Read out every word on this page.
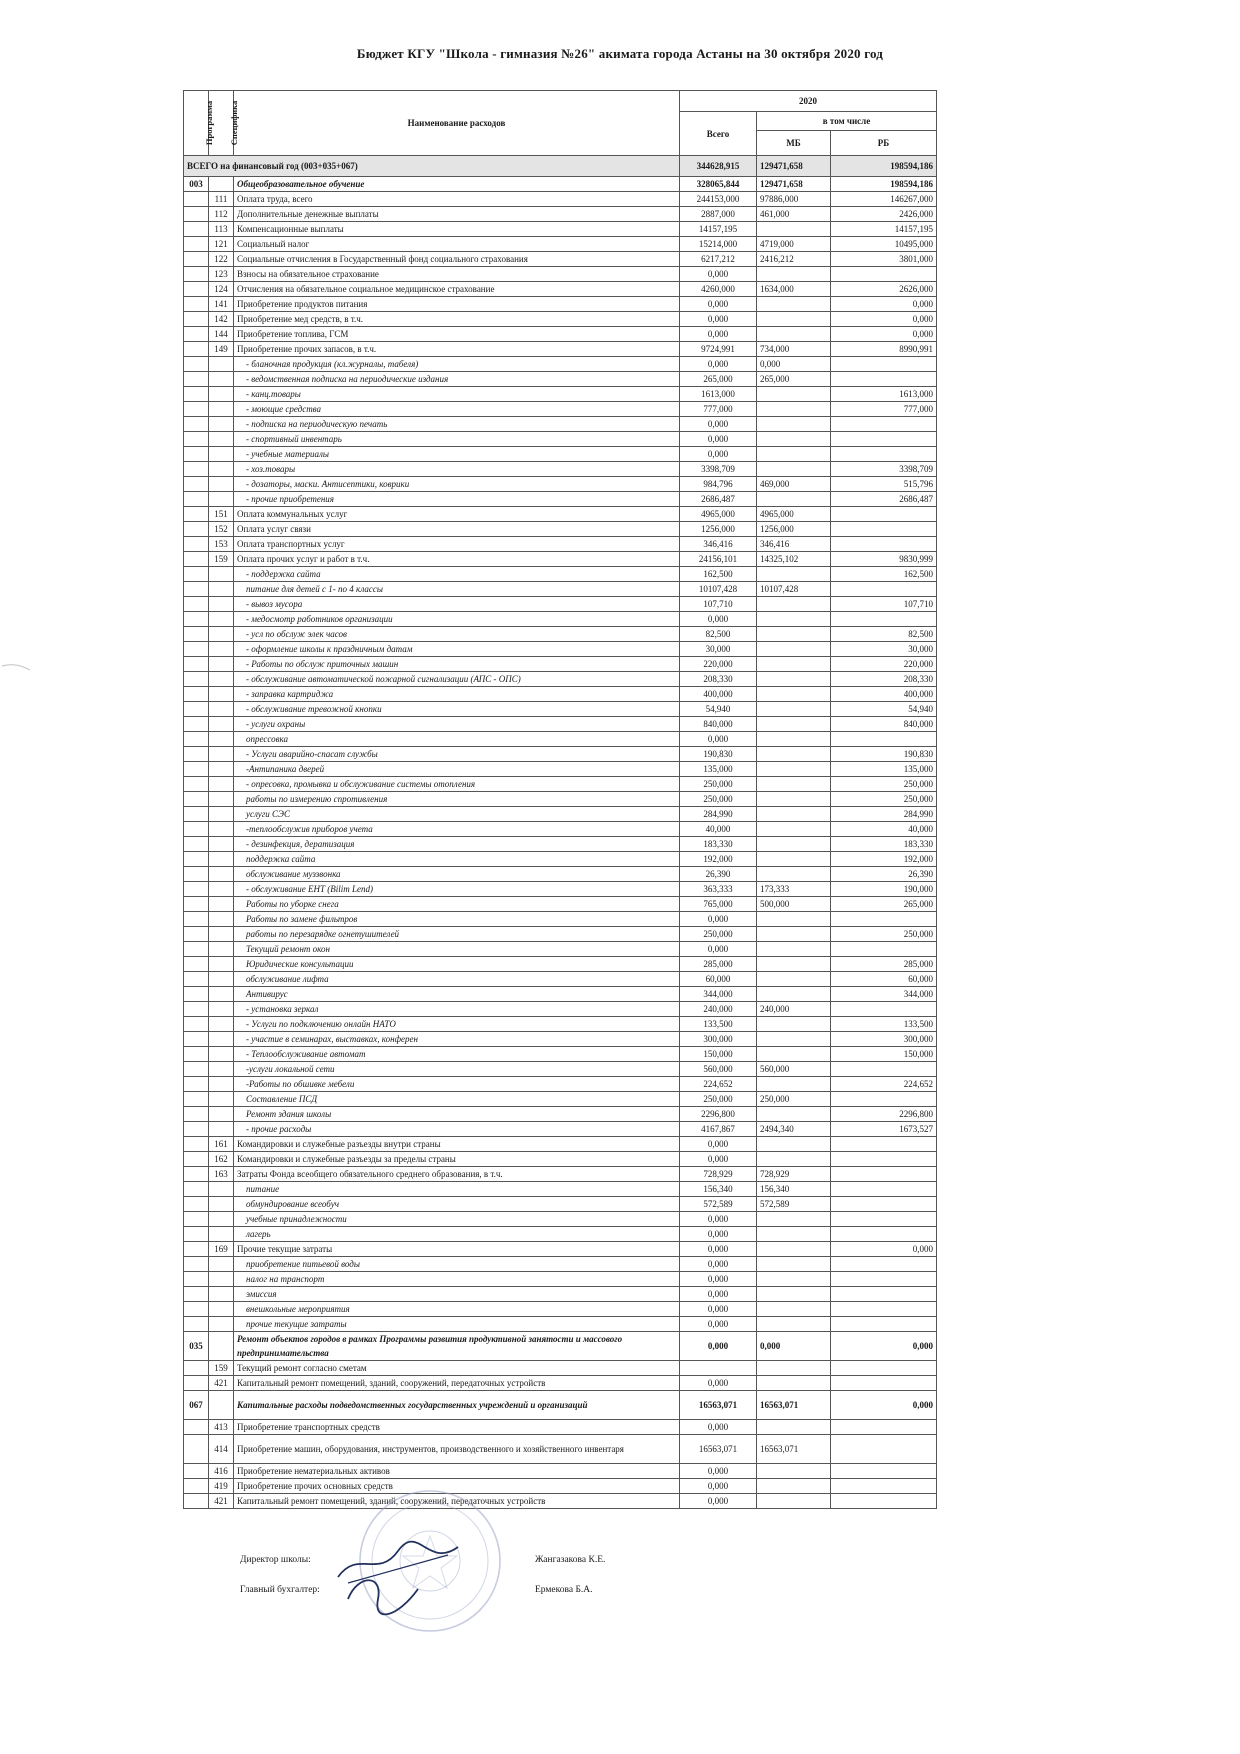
Бюджет КГУ "Школа - гимназия №26" акимата города Астаны на 30 октября 2020 год
Программа	Специфика	Наименование расходов	2020		
			Всего	в том числе	
				МБ	РБ
ВСЕГО на финансовый год (003+035+067)			344628,915	129471,658	198594,186
003		Общеобразовательное обучение	328065,844	129471,658	198594,186
	111	Оплата труда, всего	244153,000	97886,000	146267,000
	112	Дополнительные денежные выплаты	2887,000	461,000	2426,000
	113	Компенсационные выплаты	14157,195		14157,195
	121	Социальный налог	15214,000	4719,000	10495,000
	122	Социальные отчисления в Государственный фонд социального страхования	6217,212	2416,212	3801,000
	123	Взносы на обязательное страхование	0,000		
	124	Отчисления на обязательное социальное медицинское страхование	4260,000	1634,000	2626,000
	141	Приобретение продуктов питания	0,000		0,000
	142	Приобретение мед средств, в т.ч.	0,000		0,000
	144	Приобретение топлива, ГСМ	0,000		0,000
	149	Приобретение прочих запасов, в т.ч.	9724,991	734,000	8990,991
		- бланочная продукция (кл.журналы, табеля)	0,000	0,000	
		- ведомственная подписка на периодические издания	265,000	265,000	
		- канц.товары	1613,000		1613,000
		- моющие средства	777,000		777,000
		- подписка на периодическую печать	0,000		
		- спортивный инвентарь	0,000		
		- учебные материалы	0,000		
		- хоз.товары	3398,709		3398,709
		- дозаторы, маски. Антисептики, коврики	984,796	469,000	515,796
		- прочие приобретения	2686,487		2686,487
	151	Оплата коммунальных услуг	4965,000	4965,000	
	152	Оплата услуг связи	1256,000	1256,000	
	153	Оплата транспортных услуг	346,416	346,416	
	159	Оплата прочих услуг и работ в т.ч.	24156,101	14325,102	9830,999
		- поддержка сайта	162,500		162,500
		питание для детей с 1- по 4 классы	10107,428	10107,428	
		- вывоз мусора	107,710		107,710
		- медосмотр работников организации	0,000		
		- усл по обслуж элек часов	82,500		82,500
		- оформление школы к праздничным датам	30,000		30,000
		- Работы по обслуж приточных машин	220,000		220,000
		- обслуживание автоматической пожарной сигнализации (АПС - ОПС)	208,330		208,330
		- заправка картриджа	400,000		400,000
		- обслуживание тревожной кнопки	54,940		54,940
		- услуги охраны	840,000		840,000
		опрессовка	0,000		
		- Услуги аварийно-спасат службы	190,830		190,830
		-Антипаника дверей	135,000		135,000
		- опресовка, промывка и обслуживание системы отопления	250,000		250,000
		работы по измерению спротивления	250,000		250,000
		услуги СЭС	284,990		284,990
		-теплообслужив приборов учета	40,000		40,000
		- дезинфекция, дератизация	183,330		183,330
		поддержка сайта	192,000		192,000
		обслуживание муззвонка	26,390		26,390
		- обслуживание ЕНТ (Bilim Lend)	363,333	173,333	190,000
		Работы по уборке снега	765,000	500,000	265,000
		Работы по замене фильтров	0,000		
		работы по перезарядке огнетушителей	250,000		250,000
		Текущий ремонт окон	0,000		
		Юридические консультации	285,000		285,000
		обслуживание лифта	60,000		60,000
		Антивирус	344,000		344,000
		- установка зеркал	240,000	240,000	
		- Услуги по подключению онлайн НАТО	133,500		133,500
		- участие в семинарах, выставках, конферен	300,000		300,000
		- Теплообслуживание автомат	150,000		150,000
		-услуги локальной сети	560,000	560,000	
		-Работы по обшивке мебели	224,652		224,652
		Составление ПСД	250,000	250,000	
		Ремонт здания школы	2296,800		2296,800
		- прочие расходы	4167,867	2494,340	1673,527
	161	Командировки и служебные разъезды внутри страны	0,000		
	162	Командировки и служебные разъезды за пределы страны	0,000		
	163	Затраты Фонда всеобщего обязательного среднего образования, в т.ч.	728,929	728,929	
		питание	156,340	156,340	
		обмундирование всеобуч	572,589	572,589	
		учебные принадлежности	0,000		
		лагерь	0,000		
	169	Прочие текущие затраты	0,000		0,000
		приобретение питьевой воды	0,000		
		налог на транспорт	0,000		
		эмиссия	0,000		
		внешкольные мероприятия	0,000		
		прочие текущие затраты	0,000		
035		Ремонт объектов городов в рамках Программы развития продуктивной занятости и массового предпринимательства	0,000	0,000	0,000
	159	Текущий ремонт согласно сметам			
	421	Капитальный ремонт помещений, зданий, сооружений, передаточных устройств	0,000		
067		Капитальные расходы подведомственных государственных учреждений и организаций	16563,071	16563,071	0,000
	413	Приобретение транспортных средств	0,000		
	414	Приобретение машин, оборудования, инструментов, производственного и хозяйственного инвентаря	16563,071	16563,071	
	416	Приобретение нематериальных активов	0,000		
	419	Приобретение прочих основных средств	0,000		
	421	Капитальный ремонт помещений, зданий, сооружений, передаточных устройств	0,000		
Директор школы:	Жангазакова К.Е.
Главный бухгалтер:	Ермекова Б.А.
